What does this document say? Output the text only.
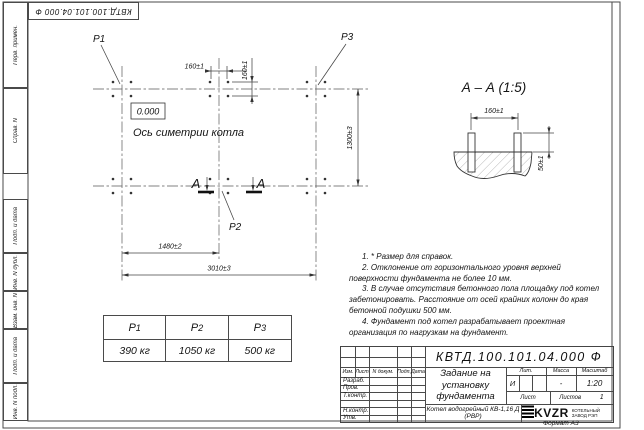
P1	P3
P2
0.000
Ось симетрии котла
160±1	160±1
1480±2
3010±3
1300±3
А	А
А – А (1:5)
160±1
50±1
КВТД.100.101.04.000 Ф
Перв. примен.
Справ. N
Подп. и дата
Инв. N дубл.
Взам. инв. N
Подп. и дата
Инв. N подл.

1. * Размер для справок.

2. Отклонение от горизонтального уровня верхней поверхности фундамента не более 10 мм.

3. В случае отсутствия бетонного пола площадку под котел забетонировать. Расстояние от осей крайних колонн до края бетонной подушки 500 мм.

4. Фундамент под котел разрабатывает проектная организация по нагрузкам на фундамент.

P 1	P 2	P 3
390 кг	1050 кг	500 кг	КВТД.100.101.04.000 Ф
Изм. Лист N докум. Подп. Дата
Разраб.
Пров.
Т.контр.
Н.контр.
Утв.
Задание на установку фундамента
Лит.	Масса	Масштаб
И	-	1:20
Лист	Листов	1
Котел водогрейный КВ-1,16 Д (РВР)	KVZR КОТЕЛЬНЫЙ
ЗАВОД РЭП
Формат А3
